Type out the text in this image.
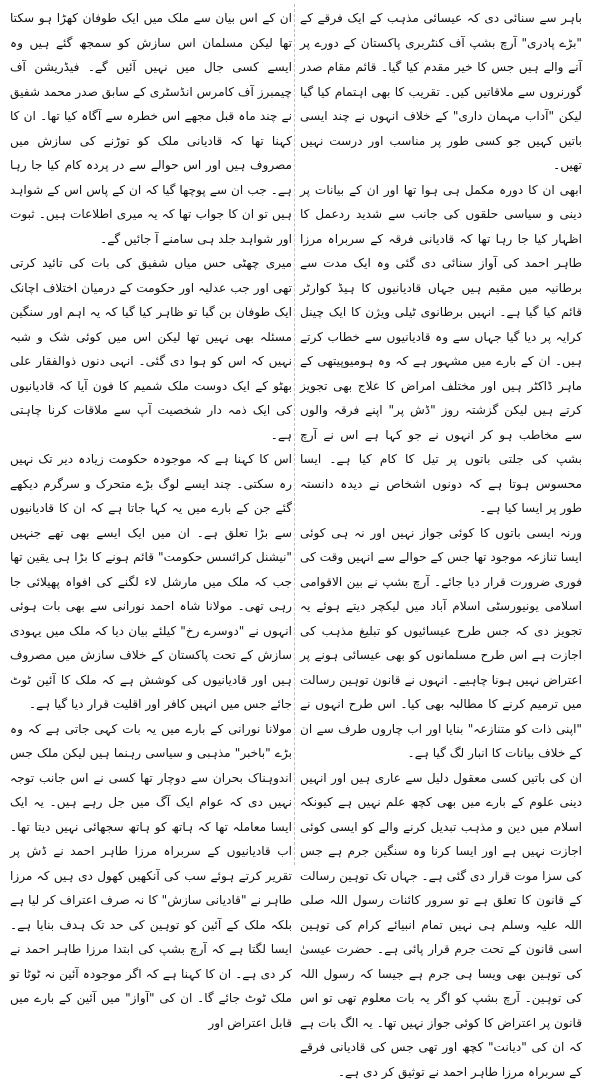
باہر سے سنائی دی کہ عیسائی مذہب کے ایک فرقے کے "بڑے پادری" آرچ بشپ آف کنٹربری پاکستان کے دورے پر آنے والے ہیں جس کا خیر مقدم کیا گیا۔ قائم مقام صدر گورنروں سے ملاقاتیں کیں۔ تقریب کا بھی اہتمام کیا گیا لیکن "آداب مہمان داری" کے خلاف انہوں نے چند ایسی باتیں کہیں جو کسی طور پر مناسب اور درست نہیں تھیں۔

ابھی ان کا دورہ مکمل ہی ہوا تھا اور ان کے بیانات پر دینی و سیاسی حلقوں کی جانب سے شدید ردعمل کا اظہار کیا جا رہا تھا کہ قادیانی فرقہ کے سربراہ مرزا طاہر احمد کی آواز سنائی دی گئی وہ ایک مدت سے برطانیہ میں مقیم ہیں جہاں قادیانیوں کا ہیڈ کوارٹر قائم کیا گیا ہے۔ انہیں برطانوی ٹیلی ویژن کا ایک چینل کرایہ پر دیا گیا جہاں سے وہ قادیانیوں سے خطاب کرتے ہیں۔ ان کے بارے میں مشہور ہے کہ وہ ہومیوپیتھی کے ماہر ڈاکٹر ہیں اور مختلف امراض کا علاج بھی تجویز کرتے ہیں لیکن گزشتہ روز "ڈش پر" اپنے فرقہ والوں سے مخاطب ہو کر انہوں نے جو کہا ہے اس نے آرچ بشپ کی جلتی باتوں پر تیل کا کام کیا ہے۔ ایسا محسوس ہوتا ہے کہ دونوں اشخاص نے دیدہ دانستہ طور پر ایسا کیا ہے۔

ورنہ ایسی باتوں کا کوئی جواز نہیں اور نہ ہی کوئی ایسا تنازعہ موجود تھا جس کے حوالے سے انہیں وقت کی فوری ضرورت قرار دیا جائے۔ آرچ بشپ نے بین الاقوامی اسلامی یونیورسٹی اسلام آباد میں لیکچر دیتے ہوئے یہ تجویز دی کہ جس طرح عیسائیوں کو تبلیغ مذہب کی اجازت ہے اس طرح مسلمانوں کو بھی عیسائی ہونے پر اعتراض نہیں ہونا چاہیے۔ انہوں نے قانون توہین رسالت میں ترمیم کرنے کا مطالبہ بھی کیا۔ اس طرح انہوں نے "اپنی ذات کو متنازعہ" بنایا اور اب چاروں طرف سے ان کے خلاف بیانات کا انبار لگ گیا ہے۔

ان کی باتیں کسی معقول دلیل سے عاری ہیں اور انہیں دینی علوم کے بارے میں بھی کچھ علم نہیں ہے کیونکہ اسلام میں دین و مذہب تبدیل کرنے والے کو ایسی کوئی اجازت نہیں ہے اور ایسا کرنا وہ سنگین جرم ہے جس کی سزا موت قرار دی گئی ہے۔ جہاں تک توہین رسالت کے قانون کا تعلق ہے تو سرور کائنات رسول اللہ صلی اللہ علیہ وسلم ہی نہیں تمام انبیائے کرام کی توہین اسی قانون کے تحت جرم قرار پائی ہے۔ حضرت عیسیٰ کی توہین بھی ویسا ہی جرم ہے جیسا کہ رسول اللہ کی توہین۔ آرچ بشپ کو اگر یہ بات معلوم تھی تو اس قانون پر اعتراض کا کوئی جواز نہیں تھا۔ یہ الگ بات ہے کہ ان کی "دیانت" کچھ اور تھی جس کی قادیانی فرقے کے سربراہ مرزا طاہر احمد نے توثیق کر دی ہے۔

ان کے اس بیان سے ملک میں ایک طوفان کھڑا ہو سکتا تھا لیکن مسلمان اس سازش کو سمجھ گئے ہیں وہ ایسے کسی جال میں نہیں آئیں گے۔ فیڈریشن آف چیمبرز آف کامرس انڈسٹری کے سابق صدر محمد شفیق نے چند ماہ قبل مجھے اس خطرہ سے آگاہ کیا تھا۔ ان کا کہنا تھا کہ قادیانی ملک کو توڑنے کی سازش میں مصروف ہیں اور اس حوالے سے در پردہ کام کیا جا رہا ہے۔ جب ان سے پوچھا گیا کہ ان کے پاس اس کے شواہد ہیں تو ان کا جواب تھا کہ یہ میری اطلاعات ہیں۔ ثبوت اور شواہد جلد ہی سامنے آ جائیں گے۔

میری چھٹی حس میاں شفیق کی بات کی تائید کرتی تھی اور جب عدلیہ اور حکومت کے درمیان اختلاف اچانک ایک طوفان بن گیا تو ظاہر کیا گیا کہ یہ اہم اور سنگین مسئلہ بھی نہیں تھا لیکن اس میں کوئی شک و شبہ نہیں کہ اس کو ہوا دی گئی۔ انہی دنوں ذوالفقار علی بھٹو کے ایک دوست ملک شمیم کا فون آیا کہ قادیانیوں کی ایک ذمہ دار شخصیت آپ سے ملاقات کرنا چاہتی ہے۔

اس کا کہنا ہے کہ موجودہ حکومت زیادہ دیر تک نہیں رہ سکتی۔ چند ایسے لوگ بڑے متحرک و سرگرم دیکھے گئے جن کے بارے میں یہ کہا جاتا ہے کہ ان کا قادیانیوں سے بڑا تعلق ہے۔ ان میں ایک ایسے بھی تھے جنہیں "نیشنل کرائسس حکومت" قائم ہونے کا بڑا ہی یقین تھا جب کہ ملک میں مارشل لاء لگنے کی افواہ پھیلائی جا رہی تھی۔ مولانا شاہ احمد نورانی سے بھی بات ہوئی انہوں نے "دوسرے رخ" کیلئے بیان دیا کہ ملک میں یہودی سازش کے تحت پاکستان کے خلاف سازش میں مصروف ہیں اور قادیانیوں کی کوشش ہے کہ ملک کا آئین ٹوٹ جائے جس میں انہیں کافر اور اقلیت قرار دیا گیا ہے۔

مولانا نورانی کے بارے میں یہ بات کہی جاتی ہے کہ وہ بڑے "باخبر" مذہبی و سیاسی رہنما ہیں لیکن ملک جس اندوہناک بحران سے دوچار تھا کسی نے اس جانب توجہ نہیں دی کہ عوام ایک آگ میں جل رہے ہیں۔ یہ ایک ایسا معاملہ تھا کہ ہاتھ کو ہاتھ سجھائی نہیں دیتا تھا۔ اب قادیانیوں کے سربراہ مرزا طاہر احمد نے ڈش پر تقریر کرتے ہوئے سب کی آنکھیں کھول دی ہیں کہ مرزا طاہر نے "قادیانی سازش" کا نہ صرف اعتراف کر لیا ہے بلکہ ملک کے آئین کو توہین کی حد تک ہدف بنایا ہے۔ ایسا لگتا ہے کہ آرچ بشپ کی ابتدا مرزا طاہر احمد نے کر دی ہے۔ ان کا کہنا ہے کہ اگر موجودہ آئین نہ ٹوٹا تو ملک ٹوٹ جائے گا۔ ان کی "آواز" میں آئین کے بارے میں قابل اعتراض اور
